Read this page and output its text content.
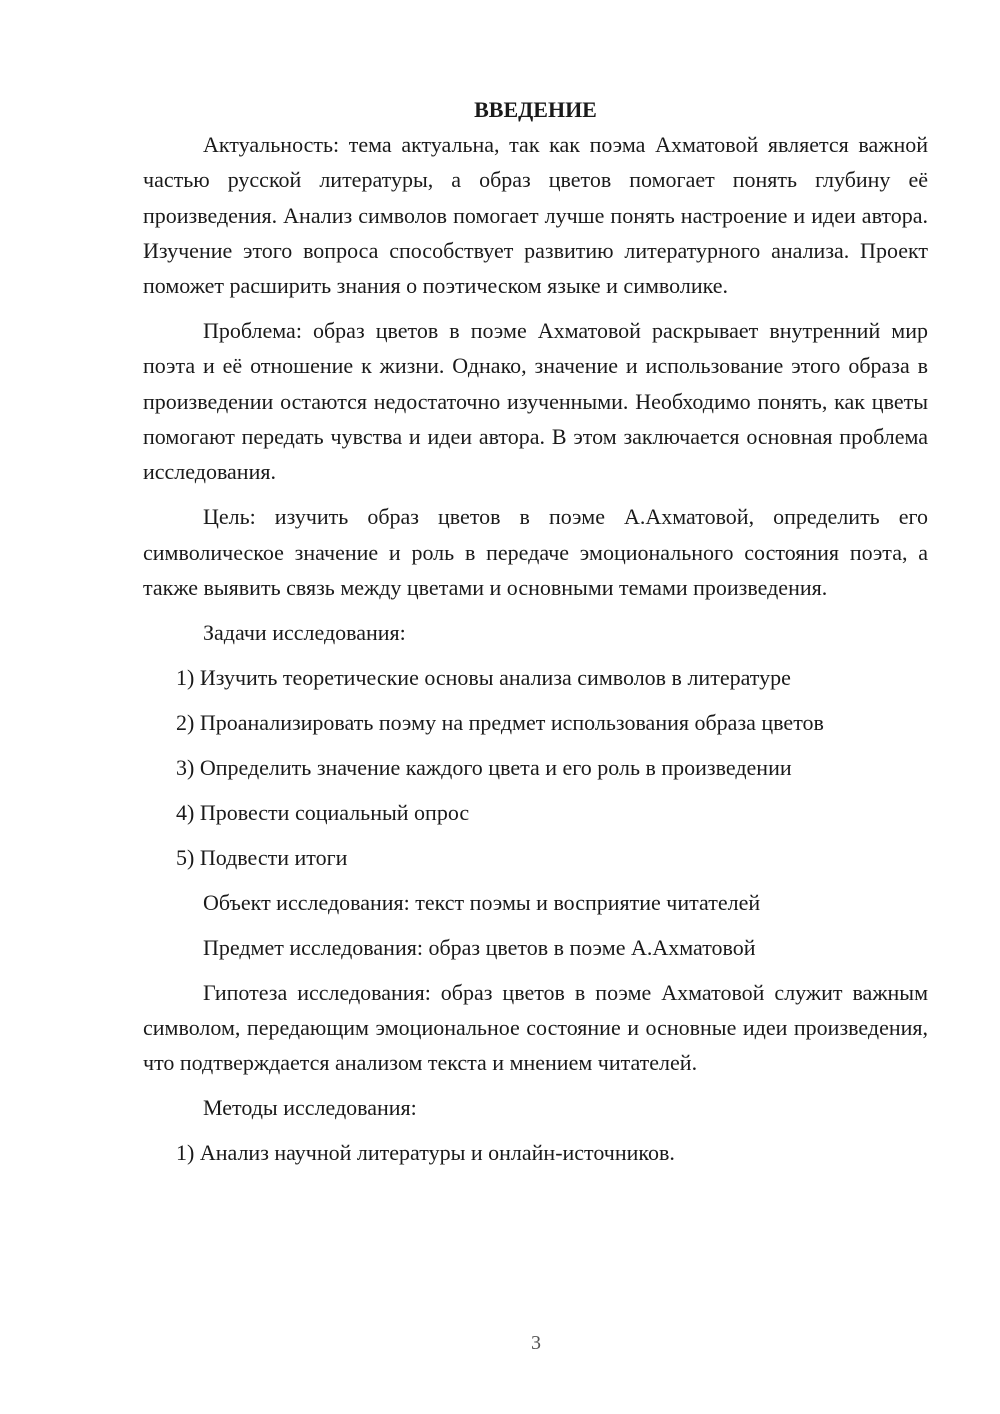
ВВЕДЕНИЕ

Актуальность: тема актуальна, так как поэма Ахматовой является важной частью русской литературы, а образ цветов помогает понять глубину её произведения. Анализ символов помогает лучше понять настроение и идеи автора. Изучение этого вопроса способствует развитию литературного анализа. Проект поможет расширить знания о поэтическом языке и символике.

Проблема: образ цветов в поэме Ахматовой раскрывает внутренний мир поэта и её отношение к жизни. Однако, значение и использование этого образа в произведении остаются недостаточно изученными. Необходимо понять, как цветы помогают передать чувства и идеи автора. В этом заключается основная проблема исследования.

Цель: изучить образ цветов в поэме А.Ахматовой, определить его символическое значение и роль в передаче эмоционального состояния поэта, а также выявить связь между цветами и основными темами произведения.

Задачи исследования:
1) Изучить теоретические основы анализа символов в литературе
2) Проанализировать поэму на предмет использования образа цветов
3) Определить значение каждого цвета и его роль в произведении
4) Провести социальный опрос
5) Подвести итоги
Объект исследования: текст поэмы и восприятие читателей
Предмет исследования: образ цветов в поэме А.Ахматовой

Гипотеза исследования: образ цветов в поэме Ахматовой служит важным символом, передающим эмоциональное состояние и основные идеи произведения, что подтверждается анализом текста и мнением читателей.

Методы исследования:
1) Анализ научной литературы и онлайн-источников.
3
